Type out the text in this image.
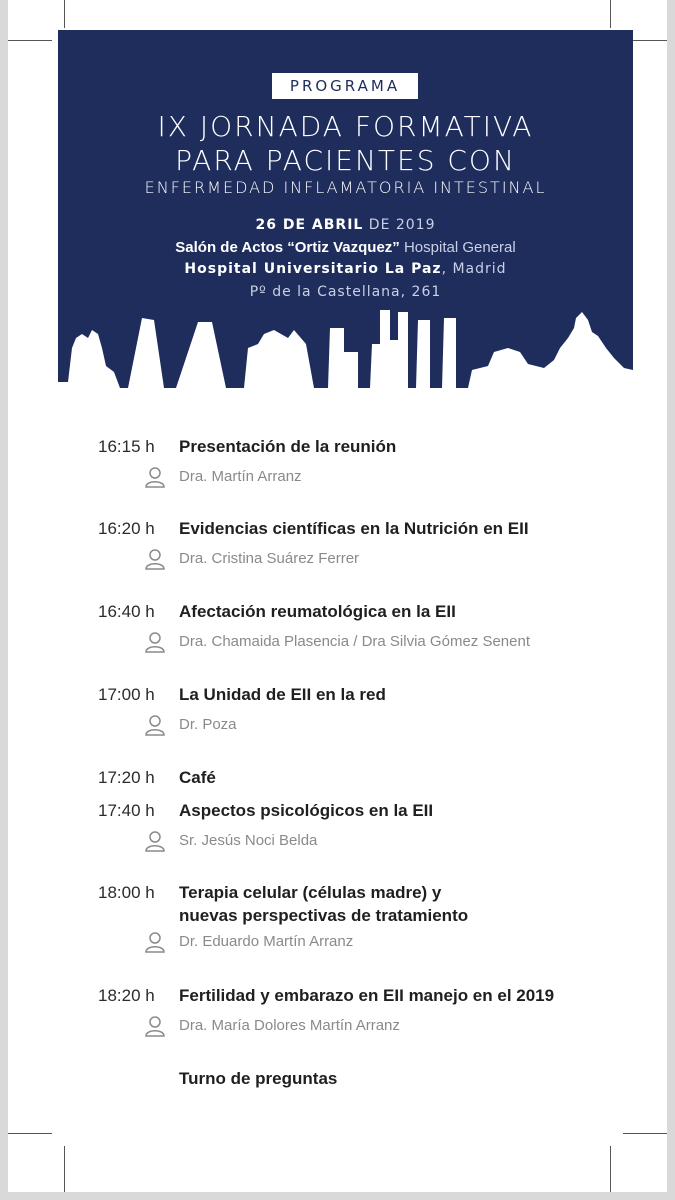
PROGRAMA
IX JORNADA FORMATIVA
PARA PACIENTES CON
ENFERMEDAD INFLAMATORIA INTESTINAL
26 DE ABRIL DE 2019
Salón de Actos “Ortiz Vazquez” Hospital General
Hospital Universitario La Paz, Madrid
Pº de la Castellana, 261
16:15 h	Presentación de la reunión
Dra. Martín Arranz
16:20 h	Evidencias científicas en la Nutrición en EII
Dra. Cristina Suárez Ferrer
16:40 h	Afectación reumatológica en la EII
Dra. Chamaida Plasencia / Dra Silvia Gómez Senent
17:00 h	La Unidad de EII en la red
Dr. Poza
17:20 h	Café
17:40 h	Aspectos psicológicos en la EII
Sr. Jesús Noci Belda
18:00 h	Terapia celular (células madre) y
nuevas perspectivas de tratamiento
Dr. Eduardo Martín Arranz
18:20 h	Fertilidad y embarazo en EII manejo en el 2019
Dra. María Dolores Martín Arranz
Turno de preguntas
